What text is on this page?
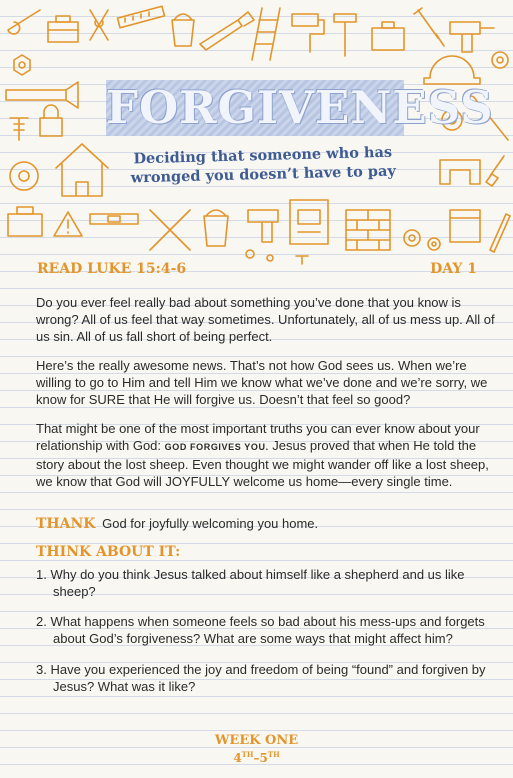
FORGIVENESS
Deciding that someone who has
wronged you doesn’t have to pay
READ LUKE 15:4-6	DAY 1
Do you ever feel really bad about something you’ve done that you know is wrong? All of us feel that way sometimes. Unfortunately, all of us mess up. All of us sin. All of us fall short of being perfect.
Here’s the really awesome news. That’s not how God sees us. When we’re willing to go to Him and tell Him we know what we’ve done and we’re sorry, we know for SURE that He will forgive us. Doesn’t that feel so good?
That might be one of the most important truths you can ever know about your relationship with God: GOD FORGIVES YOU. Jesus proved that when He told the story about the lost sheep. Even thought we might wander off like a lost sheep, we know that God will JOYFULLY welcome us home—every single time.
THANK God for joyfully welcoming you home.
THINK ABOUT IT:
1. Why do you think Jesus talked about himself like a shepherd and us like sheep?
2. What happens when someone feels so bad about his mess-ups and forgets about God’s forgiveness? What are some ways that might affect him?
3. Have you experienced the joy and freedom of being “found” and forgiven by Jesus? What was it like?
WEEK ONE
4TH–5TH
